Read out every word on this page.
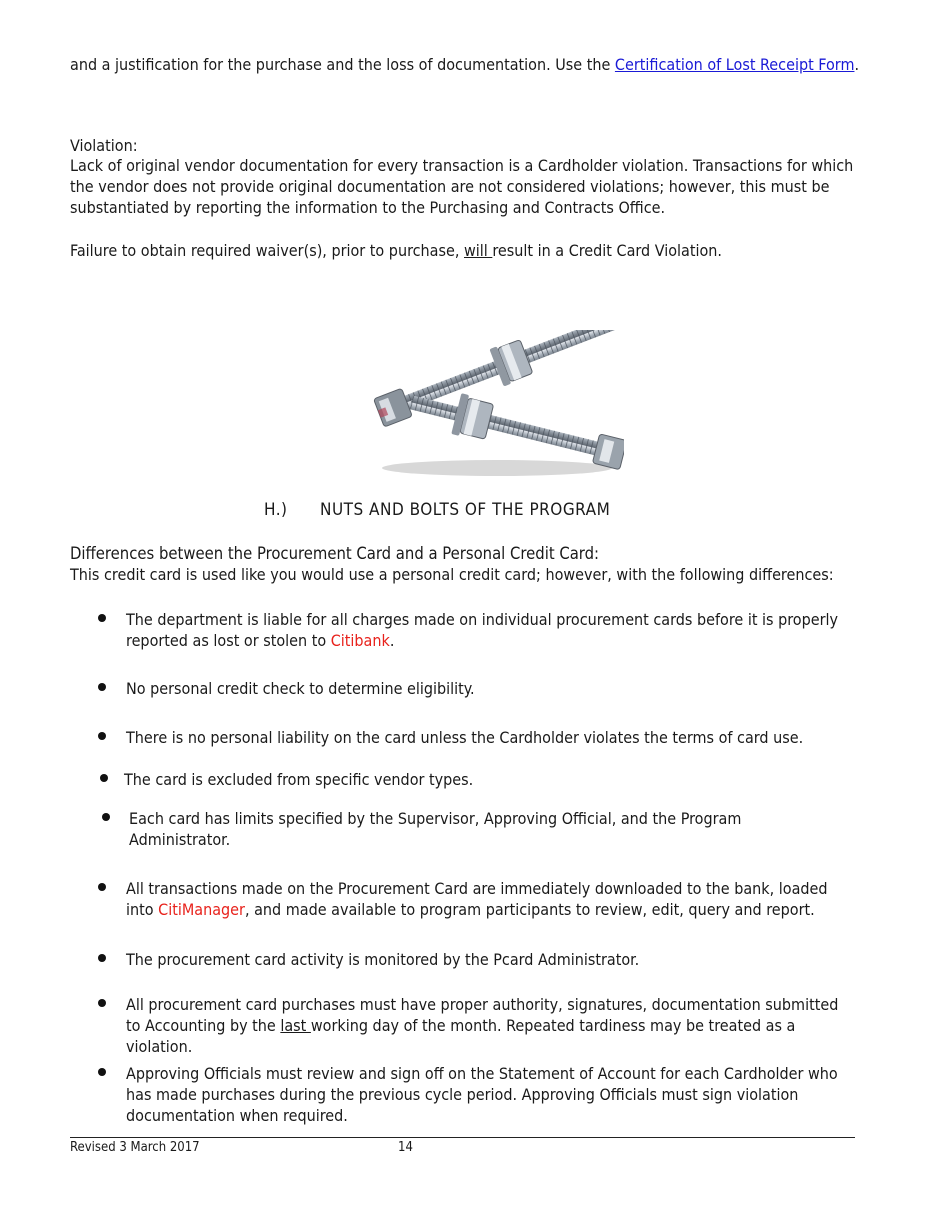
and a justification for the purchase and the loss of documentation. Use the Certification of Lost Receipt Form.
Violation:
Lack of original vendor documentation for every transaction is a Cardholder violation. Transactions for which the vendor does not provide original documentation are not considered violations; however, this must be substantiated by reporting the information to the Purchasing and Contracts Office.
Failure to obtain required waiver(s), prior to purchase, will result in a Credit Card Violation.
H.) NUTS AND BOLTS OF THE PROGRAM
Differences between the Procurement Card and a Personal Credit Card:
This credit card is used like you would use a personal credit card; however, with the following differences:
The department is liable for all charges made on individual procurement cards before it is properly reported as lost or stolen to Citibank.
No personal credit check to determine eligibility.
There is no personal liability on the card unless the Cardholder violates the terms of card use.
The card is excluded from specific vendor types.
Each card has limits specified by the Supervisor, Approving Official, and the Program Administrator.
All transactions made on the Procurement Card are immediately downloaded to the bank, loaded into CitiManager, and made available to program participants to review, edit, query and report.
The procurement card activity is monitored by the Pcard Administrator.
All procurement card purchases must have proper authority, signatures, documentation submitted to Accounting by the last working day of the month. Repeated tardiness may be treated as a violation.
Approving Officials must review and sign off on the Statement of Account for each Cardholder who has made purchases during the previous cycle period. Approving Officials must sign violation documentation when required.
Revised 3 March 2017	14
